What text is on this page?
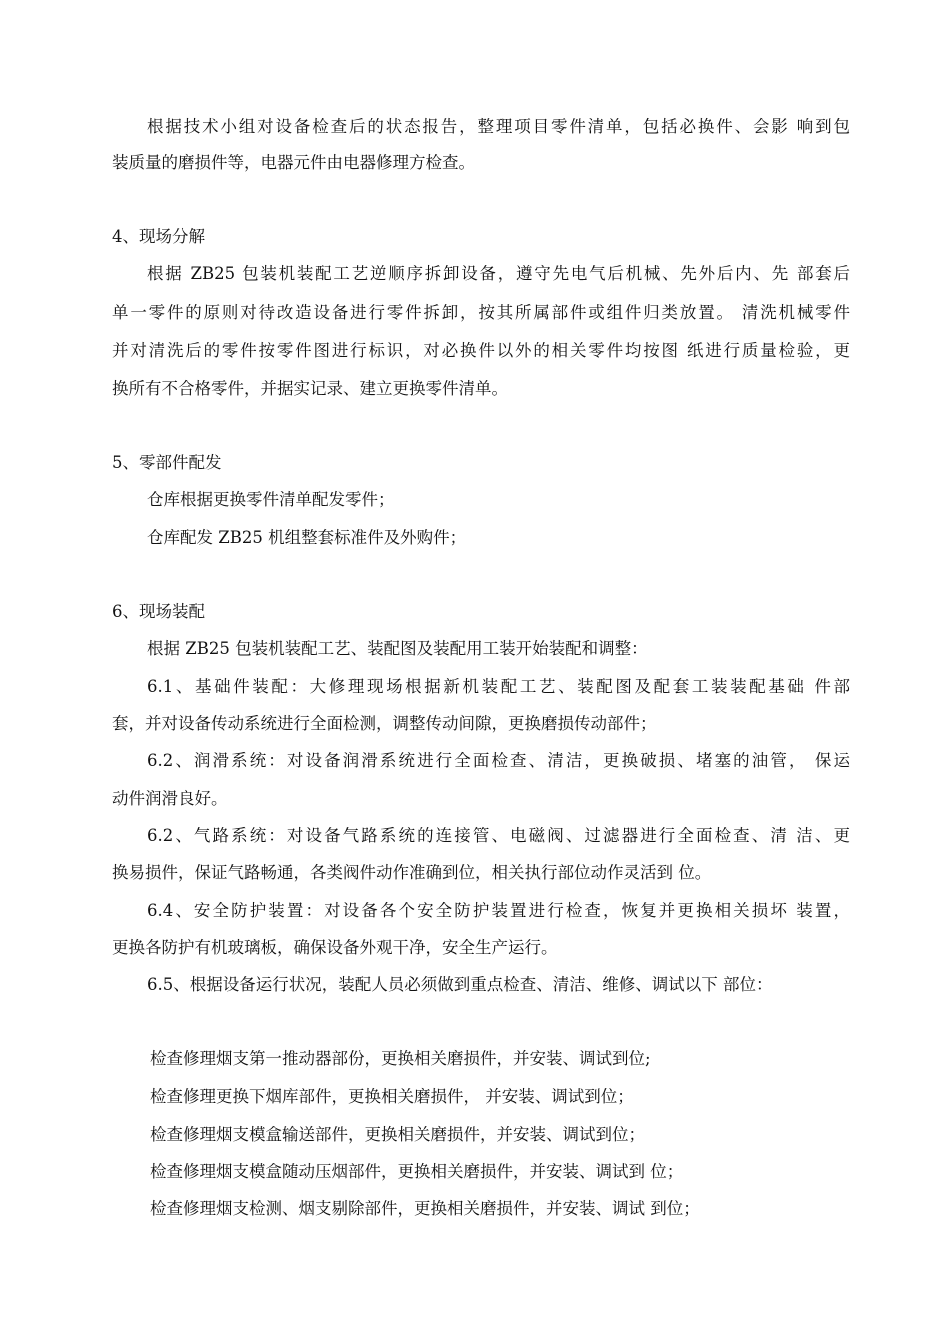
根据技术小组对设备检查后的状态报告，整理项目零件清单，包括必换件、会影 响到包
装质量的磨损件等，电器元件由电器修理方检查。
4、现场分解
根据 ZB25 包装机装配工艺逆顺序拆卸设备，遵守先电气后机械、先外后内、先 部套后
单一零件的原则对待改造设备进行零件拆卸，按其所属部件或组件归类放置。 清洗机械零件
并对清洗后的零件按零件图进行标识，对必换件以外的相关零件均按图 纸进行质量检验，更
换所有不合格零件，并据实记录、建立更换零件清单。
5、零部件配发
仓库根据更换零件清单配发零件；
仓库配发 ZB25 机组整套标准件及外购件；
6、现场装配
根据 ZB25 包装机装配工艺、装配图及装配用工装开始装配和调整：
6.1、基础件装配：大修理现场根据新机装配工艺、装配图及配套工装装配基础 件部
套，并对设备传动系统进行全面检测，调整传动间隙，更换磨损传动部件；
6.2、润滑系统：对设备润滑系统进行全面检查、清洁，更换破损、堵塞的油管， 保运
动件润滑良好。
6.2、气路系统：对设备气路系统的连接管、电磁阀、过滤器进行全面检查、清 洁、更
换易损件，保证气路畅通，各类阀件动作准确到位，相关执行部位动作灵活到 位。
6.4、安全防护装置：对设备各个安全防护装置进行检查，恢复并更换相关损坏 装置，
更换各防护有机玻璃板，确保设备外观干净，安全生产运行。
6.5、根据设备运行状况，装配人员必须做到重点检查、清洁、维修、调试以下 部位：
检查修理烟支第一推动器部份，更换相关磨损件，并安装、调试到位;
检查修理更换下烟库部件，更换相关磨损件， 并安装、调试到位；
检查修理烟支模盒输送部件，更换相关磨损件，并安装、调试到位；
检查修理烟支模盒随动压烟部件，更换相关磨损件，并安装、调试到 位；
检查修理烟支检测、烟支剔除部件，更换相关磨损件，并安装、调试 到位；
